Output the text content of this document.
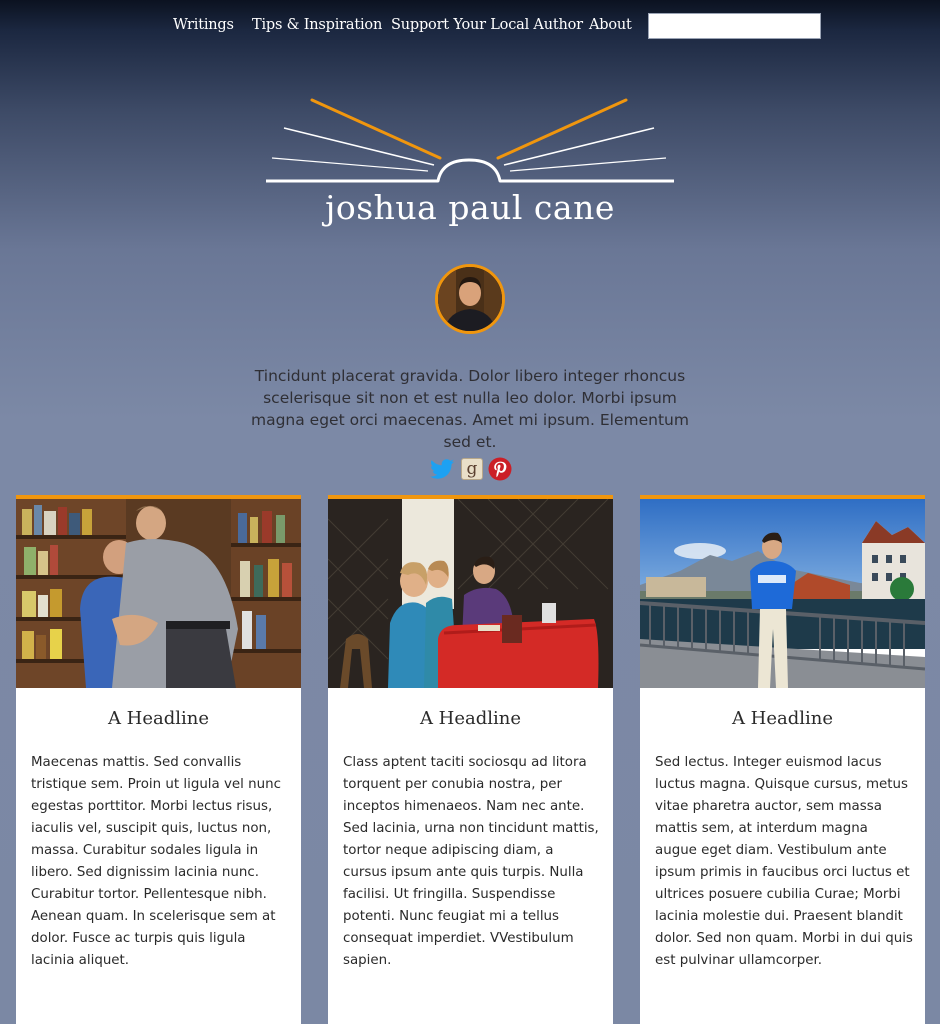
Writings Tips & Inspiration Support Your Local Author About
joshua paul cane

Tincidunt placerat gravida. Dolor libero integer rhoncus scelerisque sit non et est nulla leo dolor. Morbi ipsum magna eget orci maecenas. Amet mi ipsum. Elementum sed et.

g
A Headline

Maecenas mattis. Sed convallis tristique sem. Proin ut ligula vel nunc egestas porttitor. Morbi lectus risus, iaculis vel, suscipit quis, luctus non, massa. Curabitur sodales ligula in libero. Sed dignissim lacinia nunc. Curabitur tortor. Pellentesque nibh. Aenean quam. In scelerisque sem at dolor. Fusce ac turpis quis ligula lacinia aliquet.

A Headline

Class aptent taciti sociosqu ad litora torquent per conubia nostra, per inceptos himenaeos. Nam nec ante. Sed lacinia, urna non tincidunt mattis, tortor neque adipiscing diam, a cursus ipsum ante quis turpis. Nulla facilisi. Ut fringilla. Suspendisse potenti. Nunc feugiat mi a tellus consequat imperdiet. VVestibulum sapien.

A Headline

Sed lectus. Integer euismod lacus luctus magna. Quisque cursus, metus vitae pharetra auctor, sem massa mattis sem, at interdum magna augue eget diam. Vestibulum ante ipsum primis in faucibus orci luctus et ultrices posuere cubilia Curae; Morbi lacinia molestie dui. Praesent blandit dolor. Sed non quam. Morbi in dui quis est pulvinar ullamcorper.
